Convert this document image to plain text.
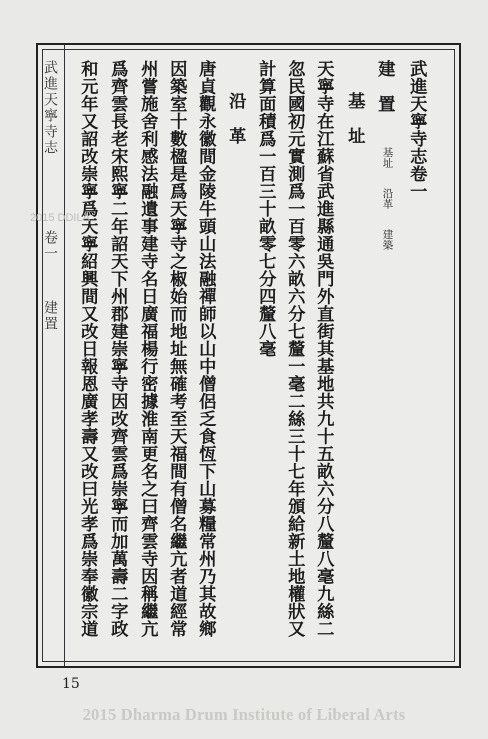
武進天寧寺志
卷一
建置
武進天寧寺志卷一
建　置
基址
沿革
建築
基　址
天寧寺在江蘇省武進縣通吳門外直街其基地共九十五畝六分八釐八毫九絲二
忽民國初元實測爲一百零六畝六分七釐一毫二絲三十七年頒給新土地權狀又
計算面積爲一百三十畝零七分四釐八毫
沿　革
唐貞觀永徽間金陵牛頭山法融禪師以山中僧侶乏食恆下山募糧常州乃其故鄉
因築室十數楹是爲天寧寺之椒始而地址無確考至天福間有僧名繼亢者道經常
州嘗施舍利感法融遺事建寺名日廣福楊行密據淮南更名之曰齊雲寺因稱繼亢
爲齊雲長老宋熙寧二年詔天下州郡建崇寧寺因改齊雲爲崇寧而加萬壽二字政
和元年又詔改崇寧爲天寧紹興間又改日報恩廣孝壽又改曰光孝爲崇奉徽宗道
2015 DDILA
15
2015 Dharma Drum Institute of Liberal Arts
